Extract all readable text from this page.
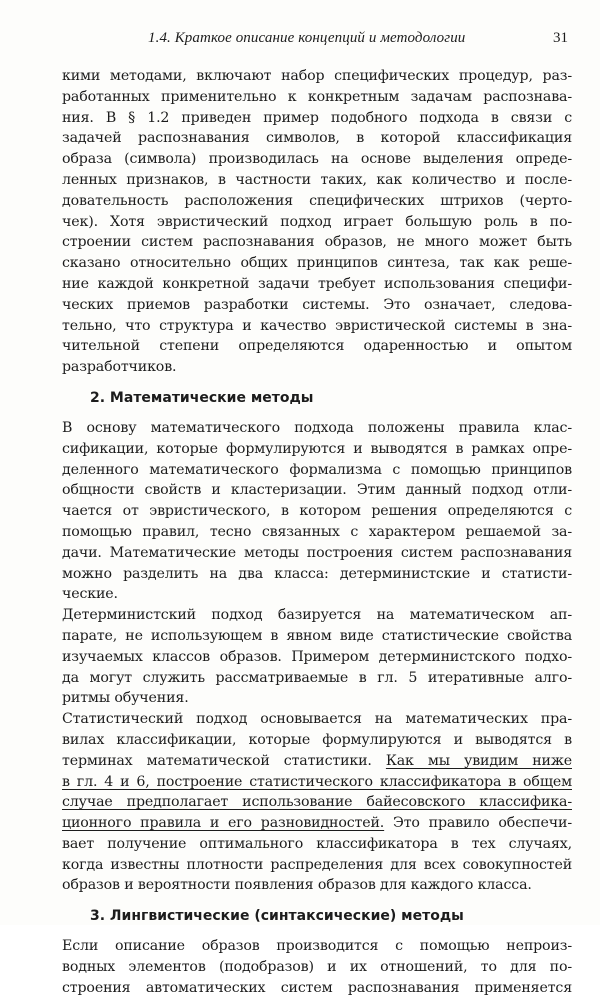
1.4. Краткое описание концепций и методологии	31
кими методами, включают набор специфических процедур, раз-
работанных применительно к конкретным задачам распознава-
ния. В § 1.2 приведен пример подобного подхода в связи с
задачей распознавания символов, в которой классификация
образа (символа) производилась на основе выделения опреде-
ленных признаков, в частности таких, как количество и после-
довательность расположения специфических штрихов (черто-
чек). Хотя эвристический подход играет большую роль в по-
строении систем распознавания образов, не много может быть
сказано относительно общих принципов синтеза, так как реше-
ние каждой конкретной задачи требует использования специфи-
ческих приемов разработки системы. Это означает, следова-
тельно, что структура и качество эвристической системы в зна-
чительной степени определяются одаренностью и опытом
разработчиков.
2. Математические методы
В основу математического подхода положены правила клас-
сификации, которые формулируются и выводятся в рамках опре-
деленного математического формализма с помощью принципов
общности свойств и кластеризации. Этим данный подход отли-
чается от эвристического, в котором решения определяются с
помощью правил, тесно связанных с характером решаемой за-
дачи. Математические методы построения систем распознавания
можно разделить на два класса: детерминистские и статисти-
ческие.
Детерминистский подход базируется на математическом ап-
парате, не использующем в явном виде статистические свойства
изучаемых классов образов. Примером детерминистского подхо-
да могут служить рассматриваемые в гл. 5 итеративные алго-
ритмы обучения.
Статистический подход основывается на математических пра-
вилах классификации, которые формулируются и выводятся в
терминах математической статистики. Как мы увидим ниже
в гл. 4 и 6, построение статистического классификатора в общем
случае предполагает использование байесовского классифика-
ционного правила и его разновидностей. Это правило обеспечи-
вает получение оптимального классификатора в тех случаях,
когда известны плотности распределения для всех совокупностей
образов и вероятности появления образов для каждого класса.
3. Лингвистические (синтаксические) методы
Если описание образов производится с помощью непроиз-
водных элементов (подобразов) и их отношений, то для по-
строения автоматических систем распознавания применяется
